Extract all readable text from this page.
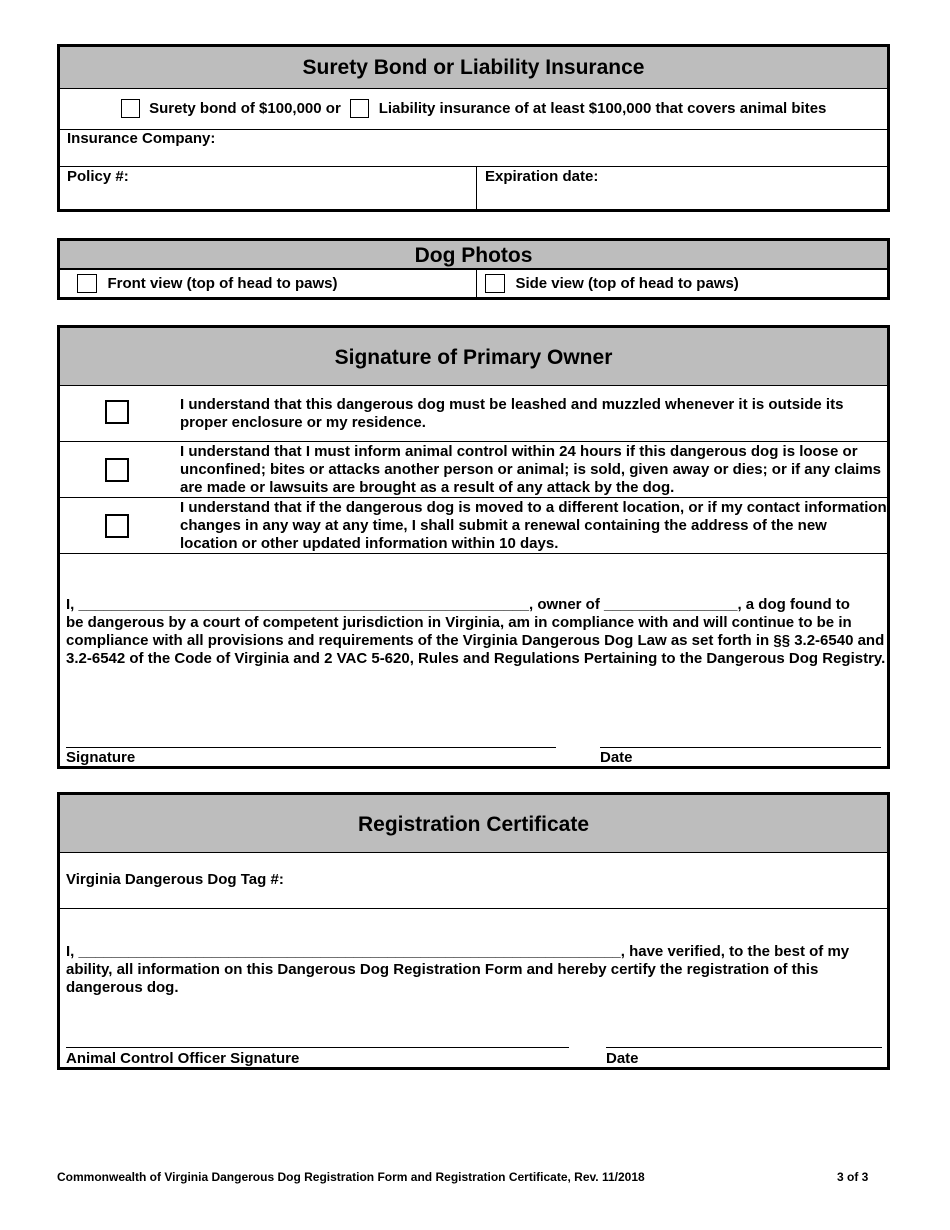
Surety Bond or Liability Insurance
Surety bond of $100,000 or	Liability insurance of at least $100,000 that covers animal bites
Insurance Company:
Policy #:	Expiration date:
Dog Photos
Front view (top of head to paws)	Side view (top of head to paws)
Signature of Primary Owner
I understand that this dangerous dog must be leashed and muzzled whenever it is outside its proper enclosure or my residence.
I understand that I must inform animal control within 24 hours if this dangerous dog is loose or unconfined; bites or attacks another person or animal; is sold, given away or dies; or if any claims are made or lawsuits are brought as a result of any attack by the dog.
I understand that if the dangerous dog is moved to a different location, or if my contact information changes in any way at any time, I shall submit a renewal containing the address of the new location or other updated information within 10 days.
I, ______________________________________________________, owner of ________________, a dog found to
be dangerous by a court of competent jurisdiction in Virginia, am in compliance with and will continue to be in compliance with all provisions and requirements of the Virginia Dangerous Dog Law as set forth in §§ 3.2-6540 and 3.2-6542 of the Code of Virginia and 2 VAC 5-620, Rules and Regulations Pertaining to the Dangerous Dog Registry.
Signature	Date
Registration Certificate
Virginia Dangerous Dog Tag #:
I, _________________________________________________________________, have verified, to the best of my
ability, all information on this Dangerous Dog Registration Form and hereby certify the registration of this dangerous dog.
Animal Control Officer Signature	Date
Commonwealth of Virginia Dangerous Dog Registration Form and Registration Certificate, Rev. 11/2018	3 of 3
